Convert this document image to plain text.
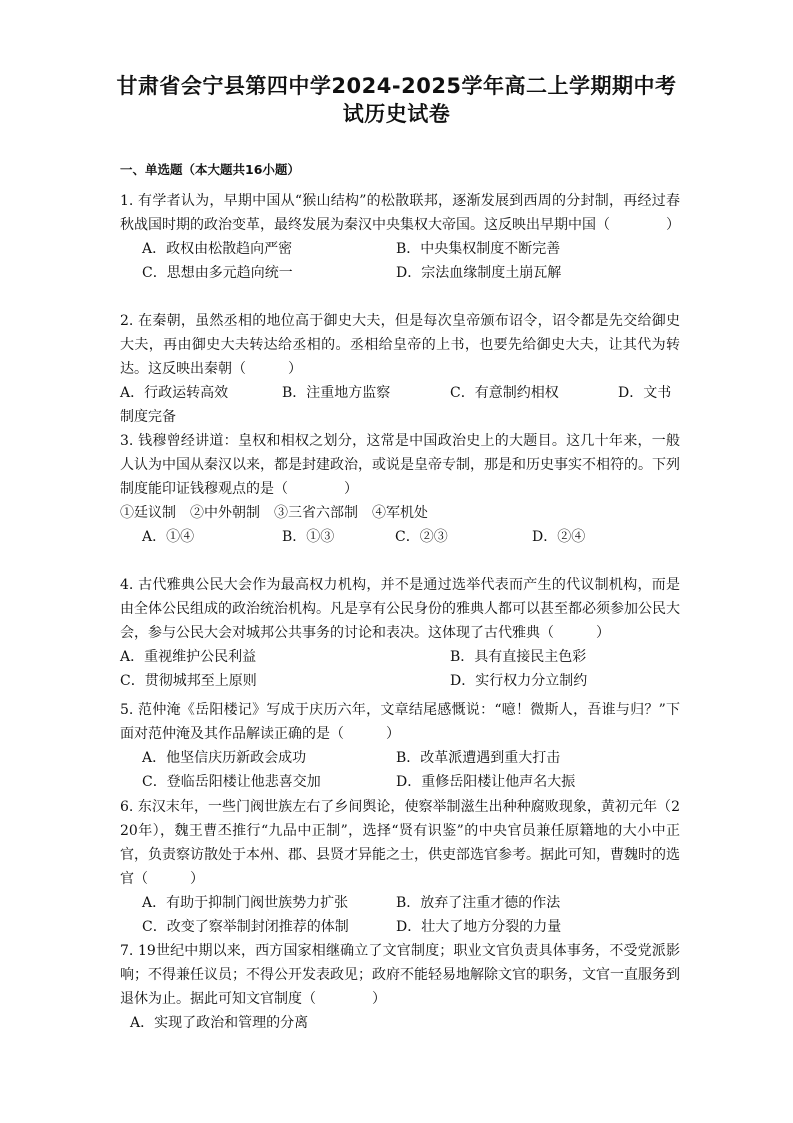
甘肃省会宁县第四中学2024-2025学年高二上学期期中考
试历史试卷
一、单选题（本大题共16小题）
1. 有学者认为，早期中国从“猴山结构”的松散联邦，逐渐发展到西周的分封制，再经过春秋战国时期的政治变革，最终发展为秦汉中央集权大帝国。这反映出早期中国（　　　　）
A．政权由松散趋向严密	B．中央集权制度不断完善
C．思想由多元趋向统一	D．宗法血缘制度土崩瓦解
2. 在秦朝，虽然丞相的地位高于御史大夫，但是每次皇帝颁布诏令，诏令都是先交给御史大夫，再由御史大夫转达给丞相的。丞相给皇帝的上书，也要先给御史大夫，让其代为转达。这反映出秦朝（　　　）
A．行政运转高效	B．注重地方监察	C．有意制约相权	D．文书
制度完备
3. 钱穆曾经讲道：皇权和相权之划分，这常是中国政治史上的大题目。这几十年来，一般人认为中国从秦汉以来，都是封建政治，或说是皇帝专制，那是和历史事实不相符的。下列制度能印证钱穆观点的是（　　　　）
①廷议制　②中外朝制　③三省六部制　④军机处
A．①④	B．①③	C．②③	D．②④
4. 古代雅典公民大会作为最高权力机构，并不是通过选举代表而产生的代议制机构，而是由全体公民组成的政治统治机构。凡是享有公民身份的雅典人都可以甚至都必须参加公民大会，参与公民大会对城邦公共事务的讨论和表决。这体现了古代雅典（　　　）
A．重视维护公民利益	B．具有直接民主色彩
C．贯彻城邦至上原则	D．实行权力分立制约
5. 范仲淹《岳阳楼记》写成于庆历六年，文章结尾感慨说：“噫！微斯人，吾谁与归？”下面对范仲淹及其作品解读正确的是（　　　）
A．他坚信庆历新政会成功	B．改革派遭遇到重大打击
C．登临岳阳楼让他悲喜交加	D．重修岳阳楼让他声名大振
6. 东汉末年，一些门阀世族左右了乡间舆论，使察举制滋生出种种腐败现象，黄初元年（220年），魏王曹丕推行“九品中正制”，选择“贤有识鉴”的中央官员兼任原籍地的大小中正官，负责察访散处于本州、郡、县贤才异能之士，供吏部选官参考。据此可知，曹魏时的选官（　　　）
A．有助于抑制门阀世族势力扩张	B．放弃了注重才德的作法
C．改变了察举制封闭推荐的体制	D．壮大了地方分裂的力量
7. 19世纪中期以来，西方国家相继确立了文官制度；职业文官负责具体事务，不受党派影响；不得兼任议员；不得公开发表政见；政府不能轻易地解除文官的职务，文官一直服务到退休为止。据此可知文官制度（　　　　）
A．实现了政治和管理的分离
